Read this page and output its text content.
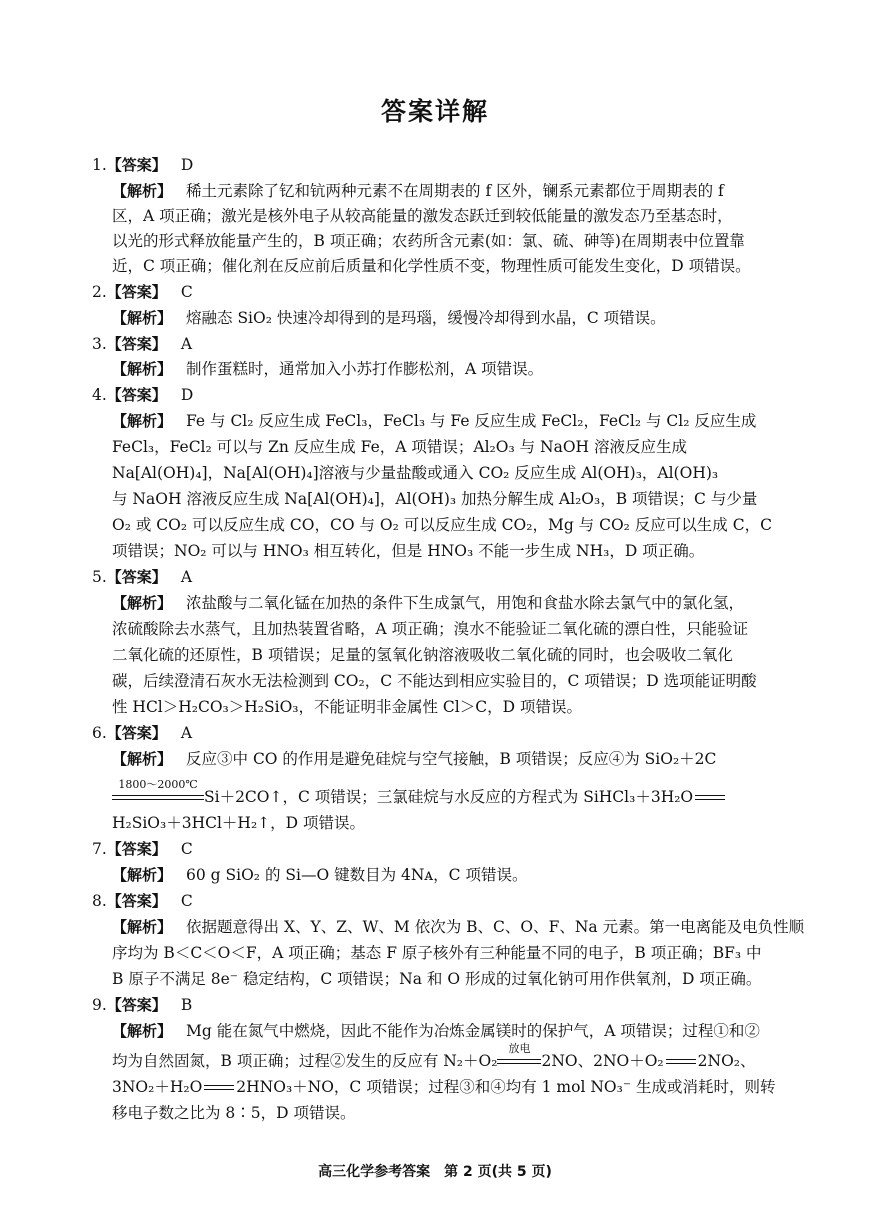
答案详解
1.【答案】 D
【解析】 稀土元素除了钇和钪两种元素不在周期表的 f 区外，镧系元素都位于周期表的 f
区，A 项正确；激光是核外电子从较高能量的激发态跃迁到较低能量的激发态乃至基态时，
以光的形式释放能量产生的，B 项正确；农药所含元素(如：氯、硫、砷等)在周期表中位置靠
近，C 项正确；催化剂在反应前后质量和化学性质不变，物理性质可能发生变化，D 项错误。
2.【答案】 C
【解析】 熔融态 SiO₂ 快速冷却得到的是玛瑙，缓慢冷却得到水晶，C 项错误。
3.【答案】 A
【解析】 制作蛋糕时，通常加入小苏打作膨松剂，A 项错误。
4.【答案】 D
【解析】 Fe 与 Cl₂ 反应生成 FeCl₃，FeCl₃ 与 Fe 反应生成 FeCl₂，FeCl₂ 与 Cl₂ 反应生成
FeCl₃，FeCl₂ 可以与 Zn 反应生成 Fe，A 项错误；Al₂O₃ 与 NaOH 溶液反应生成
Na[Al(OH)₄]，Na[Al(OH)₄]溶液与少量盐酸或通入 CO₂ 反应生成 Al(OH)₃，Al(OH)₃
与 NaOH 溶液反应生成 Na[Al(OH)₄]，Al(OH)₃ 加热分解生成 Al₂O₃，B 项错误；C 与少量
O₂ 或 CO₂ 可以反应生成 CO，CO 与 O₂ 可以反应生成 CO₂，Mg 与 CO₂ 反应可以生成 C，C
项错误；NO₂ 可以与 HNO₃ 相互转化，但是 HNO₃ 不能一步生成 NH₃，D 项正确。
5.【答案】 A
【解析】 浓盐酸与二氧化锰在加热的条件下生成氯气，用饱和食盐水除去氯气中的氯化氢，
浓硫酸除去水蒸气，且加热装置省略，A 项正确；溴水不能验证二氧化硫的漂白性，只能验证
二氧化硫的还原性，B 项错误；足量的氢氧化钠溶液吸收二氧化硫的同时，也会吸收二氧化
碳，后续澄清石灰水无法检测到 CO₂，C 不能达到相应实验目的，C 项错误；D 选项能证明酸
性 HCl＞H₂CO₃＞H₂SiO₃，不能证明非金属性 Cl＞C，D 项错误。
6.【答案】 A
【解析】 反应③中 CO 的作用是避免硅烷与空气接触，B 项错误；反应④为 SiO₂＋2C
1800～2000℃
Si＋2CO↑，C 项错误；三氯硅烷与水反应的方程式为 SiHCl₃＋3H₂O
H₂SiO₃＋3HCl＋H₂↑，D 项错误。
7.【答案】 C
【解析】 60 g SiO₂ 的 Si—O 键数目为 4Nᴀ，C 项错误。
8.【答案】 C
【解析】 依据题意得出 X、Y、Z、W、M 依次为 B、C、O、F、Na 元素。第一电离能及电负性顺
序均为 B＜C＜O＜F，A 项正确；基态 F 原子核外有三种能量不同的电子，B 项正确；BF₃ 中
B 原子不满足 8e⁻ 稳定结构，C 项错误；Na 和 O 形成的过氧化钠可用作供氧剂，D 项正确。
9.【答案】 B
【解析】 Mg 能在氮气中燃烧，因此不能作为冶炼金属镁时的保护气，A 项错误；过程①和②
均为自然固氮，B 项正确；过程②发生的反应有 N₂＋O₂
放电
2NO、2NO＋O₂ 2NO₂、
3NO₂＋H₂O 2HNO₃＋NO，C 项错误；过程③和④均有 1 mol NO₃⁻ 生成或消耗时，则转
移电子数之比为 8∶5，D 项错误。
高三化学参考答案　第 2 页(共 5 页)
